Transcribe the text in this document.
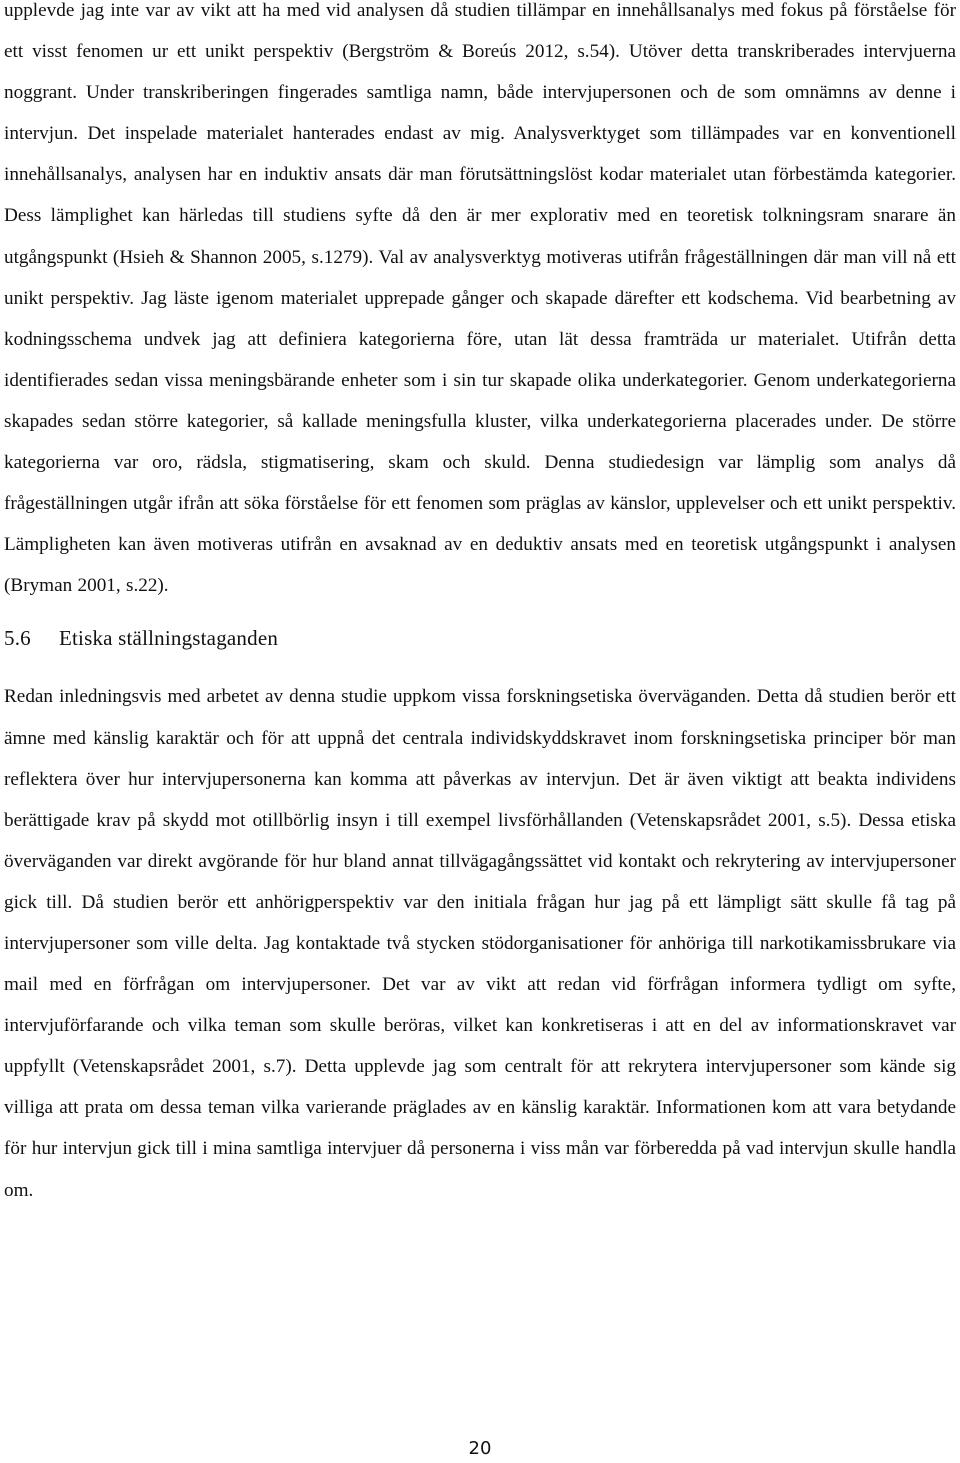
upplevde jag inte var av vikt att ha med vid analysen då studien tillämpar en innehållsanalys med fokus på förståelse för ett visst fenomen ur ett unikt perspektiv (Bergström & Boreús 2012, s.54). Utöver detta transkriberades intervjuerna noggrant. Under transkriberingen fingerades samtliga namn, både intervjupersonen och de som omnämns av denne i intervjun. Det inspelade materialet hanterades endast av mig. Analysverktyget som tillämpades var en konventionell innehållsanalys, analysen har en induktiv ansats där man förutsättningslöst kodar materialet utan förbestämda kategorier. Dess lämplighet kan härledas till studiens syfte då den är mer explorativ med en teoretisk tolkningsram snarare än utgångspunkt (Hsieh & Shannon 2005, s.1279). Val av analysverktyg motiveras utifrån frågeställningen där man vill nå ett unikt perspektiv. Jag läste igenom materialet upprepade gånger och skapade därefter ett kodschema. Vid bearbetning av kodningsschema undvek jag att definiera kategorierna före, utan lät dessa framträda ur materialet. Utifrån detta identifierades sedan vissa meningsbärande enheter som i sin tur skapade olika underkategorier. Genom underkategorierna skapades sedan större kategorier, så kallade meningsfulla kluster, vilka underkategorierna placerades under. De större kategorierna var oro, rädsla, stigmatisering, skam och skuld. Denna studiedesign var lämplig som analys då frågeställningen utgår ifrån att söka förståelse för ett fenomen som präglas av känslor, upplevelser och ett unikt perspektiv. Lämpligheten kan även motiveras utifrån en avsaknad av en deduktiv ansats med en teoretisk utgångspunkt i analysen (Bryman 2001, s.22).

5.6 Etiska ställningstaganden

Redan inledningsvis med arbetet av denna studie uppkom vissa forskningsetiska överväganden. Detta då studien berör ett ämne med känslig karaktär och för att uppnå det centrala individskyddskravet inom forskningsetiska principer bör man reflektera över hur intervjupersonerna kan komma att påverkas av intervjun. Det är även viktigt att beakta individens berättigade krav på skydd mot otillbörlig insyn i till exempel livsförhållanden (Vetenskapsrådet 2001, s.5). Dessa etiska överväganden var direkt avgörande för hur bland annat tillvägagångssättet vid kontakt och rekrytering av intervjupersoner gick till. Då studien berör ett anhörigperspektiv var den initiala frågan hur jag på ett lämpligt sätt skulle få tag på intervjupersoner som ville delta. Jag kontaktade två stycken stödorganisationer för anhöriga till narkotikamissbrukare via mail med en förfrågan om intervjupersoner. Det var av vikt att redan vid förfrågan informera tydligt om syfte, intervjuförfarande och vilka teman som skulle beröras, vilket kan konkretiseras i att en del av informationskravet var uppfyllt (Vetenskapsrådet 2001, s.7). Detta upplevde jag som centralt för att rekrytera intervjupersoner som kände sig villiga att prata om dessa teman vilka varierande präglades av en känslig karaktär. Informationen kom att vara betydande för hur intervjun gick till i mina samtliga intervjuer då personerna i viss mån var förberedda på vad intervjun skulle handla om.

20
